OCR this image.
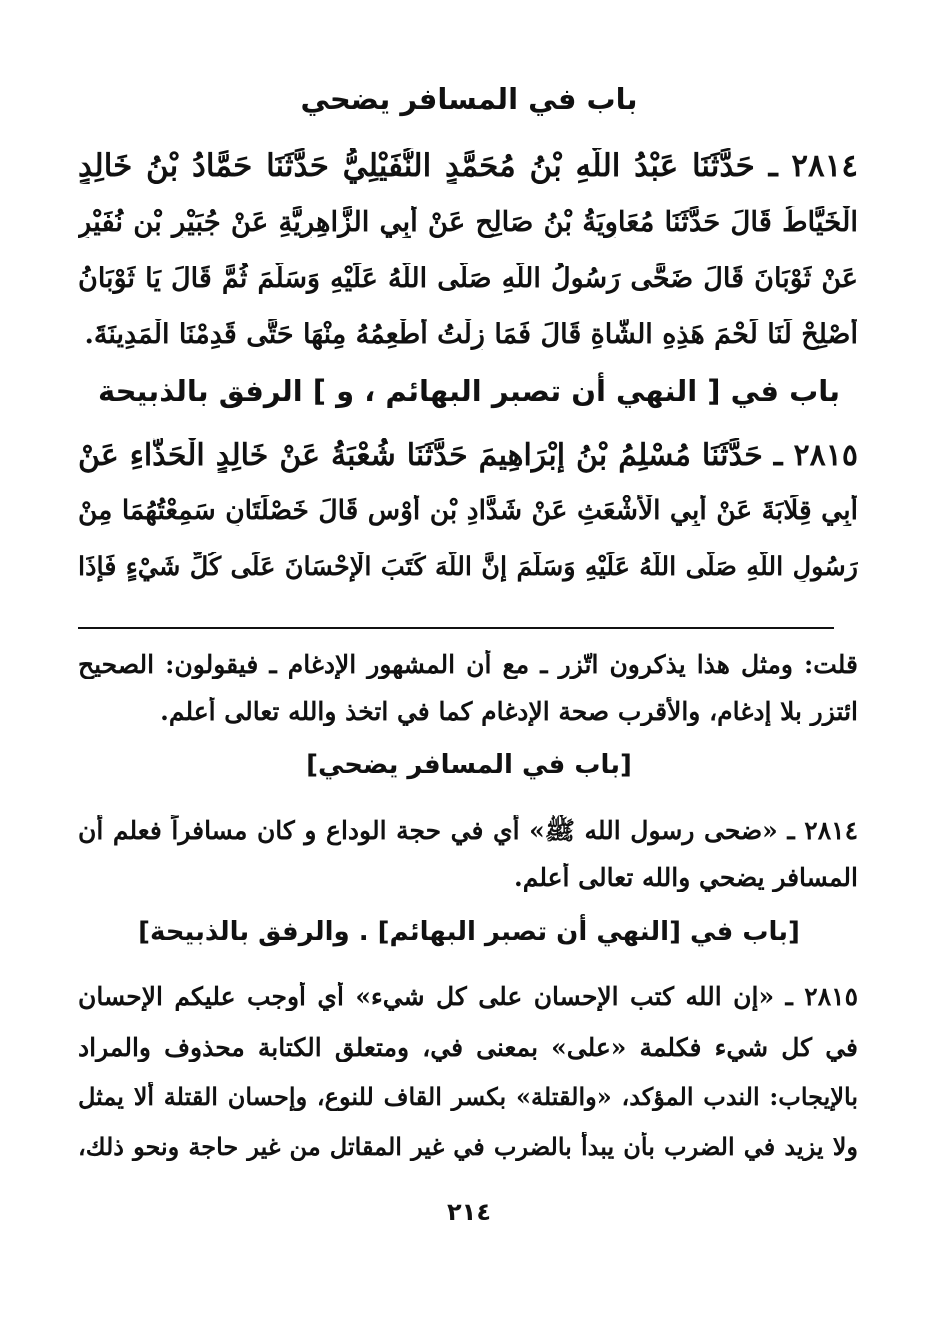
باب في المسافر يضحي
٢٨١٤ ـ حَدَّثَنَا عَبْدُ اللَّهِ بْنُ مُحَمَّدٍ النُّفَيْلِيُّ حَدَّثَنَا حَمَّادُ بْنُ خَالِدٍ
الْخَيَّاطُ قَالَ حَدَّثَنَا مُعَاوِيَةُ بْنُ صَالِحٍ عَنْ أَبِي الزَّاهِرِيَّةِ عَنْ جُبَيْرِ بْنِ نُفَيْرٍ
عَنْ ثَوْبَانَ قَالَ ضَحَّى رَسُولُ اللَّهِ صَلَّى اللَّهُ عَلَيْهِ وَسَلَّمَ ثُمَّ قَالَ يَا ثَوْبَانُ
أَصْلِحْ لَنَا لَحْمَ هَذِهِ الشَّاةِ قَالَ فَمَا زِلْتُ أُطْعِمُهُ مِنْهَا حَتَّى قَدِمْنَا الْمَدِينَةَ.
باب في [ النهي أن تصبر البهائم ، و ] الرفق بالذبيحة
٢٨١٥ ـ حَدَّثَنَا مُسْلِمُ بْنُ إِبْرَاهِيمَ حَدَّثَنَا شُعْبَةُ عَنْ خَالِدٍ الْحَذَّاءِ عَنْ
أَبِي قِلَابَةَ عَنْ أَبِي الْأَشْعَثِ عَنْ شَدَّادِ بْنِ أَوْسٍ قَالَ خَصْلَتَانِ سَمِعْتُهُمَا مِنْ
رَسُولِ اللَّهِ صَلَّى اللَّهُ عَلَيْهِ وَسَلَّمَ إِنَّ اللَّهَ كَتَبَ الْإِحْسَانَ عَلَى كُلِّ شَيْءٍ فَإِذَا
قلت: ومثل هذا يذكرون اتّزر ـ مع أن المشهور الإدغام ـ فيقولون: الصحيح
ائتزر بلا إدغام، والأقرب صحة الإدغام كما في اتخذ والله تعالى أعلم.
[باب في المسافر يضحي]
٢٨١٤ ـ «ضحى رسول الله ﷺ» أي في حجة الوداع و كان مسافراً فعلم أن
المسافر يضحي والله تعالى أعلم.
[باب في [النهي أن تصبر البهائم] . والرفق بالذبيحة]
٢٨١٥ ـ «إن الله كتب الإحسان على كل شيء» أي أوجب عليكم الإحسان
في كل شيء فكلمة «على» بمعنى في، ومتعلق الكتابة محذوف والمراد
بالإيجاب: الندب المؤكد، «والقتلة» بكسر القاف للنوع، وإحسان القتلة ألا يمثل
ولا يزيد في الضرب بأن يبدأ بالضرب في غير المقاتل من غير حاجة ونحو ذلك،
٢١٤
